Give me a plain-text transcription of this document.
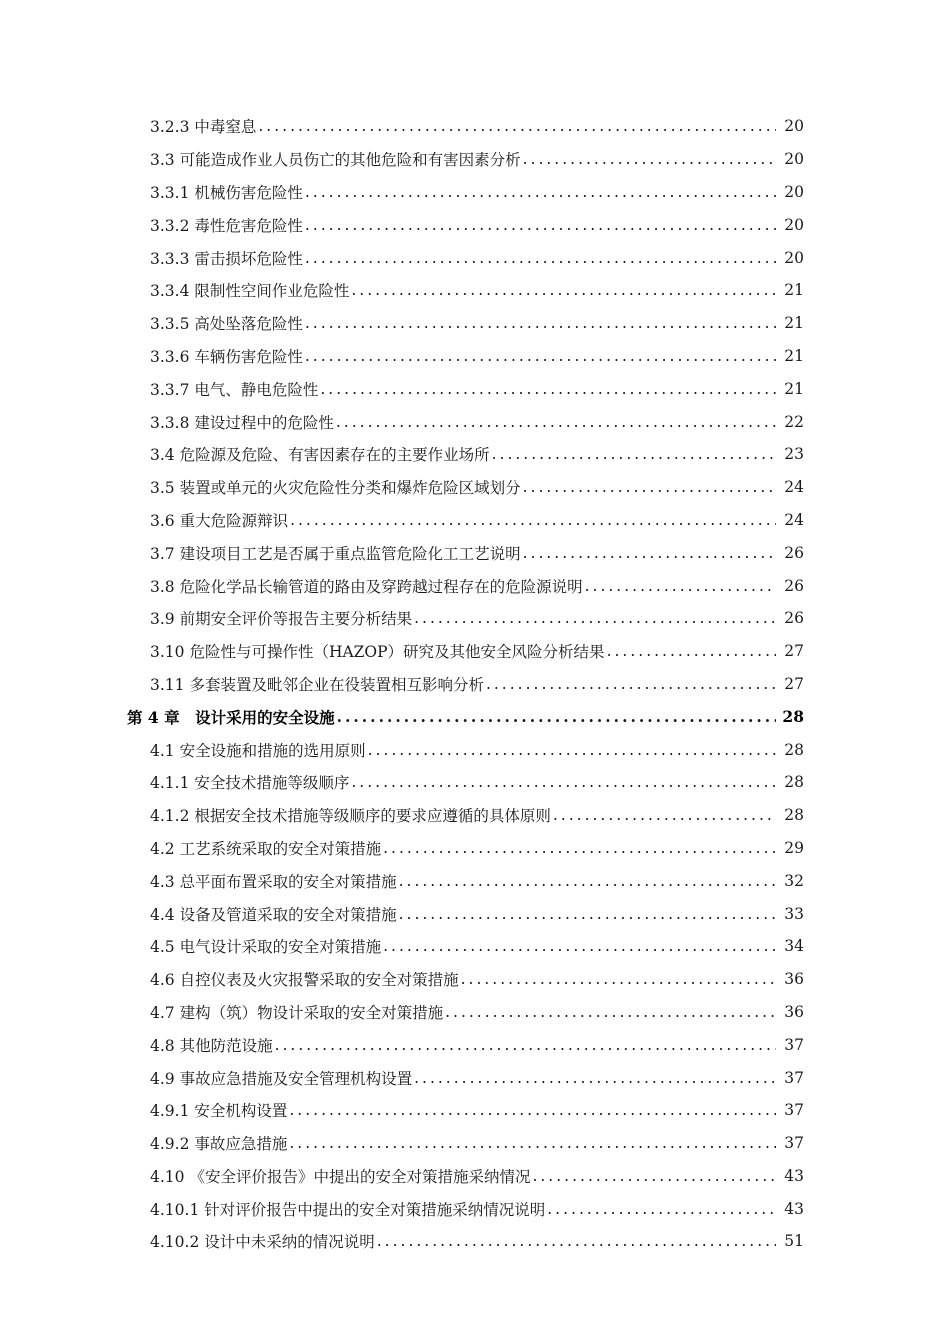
3.2.3 中毒窒息 .....	20
3.3 可能造成作业人员伤亡的其他危险和有害因素分析 .....	20
3.3.1 机械伤害危险性 .....	20
3.3.2 毒性危害危险性 .....	20
3.3.3 雷击损坏危险性 .....	20
3.3.4 限制性空间作业危险性 .....	21
3.3.5 高处坠落危险性 .....	21
3.3.6 车辆伤害危险性 .....	21
3.3.7 电气、静电危险性 .....	21
3.3.8 建设过程中的危险性 .....	22
3.4 危险源及危险、有害因素存在的主要作业场所 .....	23
3.5 装置或单元的火灾危险性分类和爆炸危险区域划分 .....	24
3.6 重大危险源辩识 .....	24
3.7 建设项目工艺是否属于重点监管危险化工工艺说明 .....	26
3.8 危险化学品长输管道的路由及穿跨越过程存在的危险源说明 .....	26
3.9 前期安全评价等报告主要分析结果 .....	26
3.10 危险性与可操作性（HAZOP）研究及其他安全风险分析结果 .....	27
3.11 多套装置及毗邻企业在役装置相互影响分析 .....	27
第 4 章　设计采用的安全设施 .....	28
4.1 安全设施和措施的选用原则 .....	28
4.1.1 安全技术措施等级顺序 .....	28
4.1.2 根据安全技术措施等级顺序的要求应遵循的具体原则 .....	28
4.2 工艺系统采取的安全对策措施 .....	29
4.3 总平面布置采取的安全对策措施 .....	32
4.4 设备及管道采取的安全对策措施 .....	33
4.5 电气设计采取的安全对策措施 .....	34
4.6 自控仪表及火灾报警采取的安全对策措施 .....	36
4.7 建构（筑）物设计采取的安全对策措施 .....	36
4.8 其他防范设施 .....	37
4.9 事故应急措施及安全管理机构设置 .....	37
4.9.1 安全机构设置 .....	37
4.9.2 事故应急措施 .....	37
4.10 《安全评价报告》中提出的安全对策措施采纳情况 .....	43
4.10.1 针对评价报告中提出的安全对策措施采纳情况说明 .....	43
4.10.2 设计中未采纳的情况说明 .....	51
